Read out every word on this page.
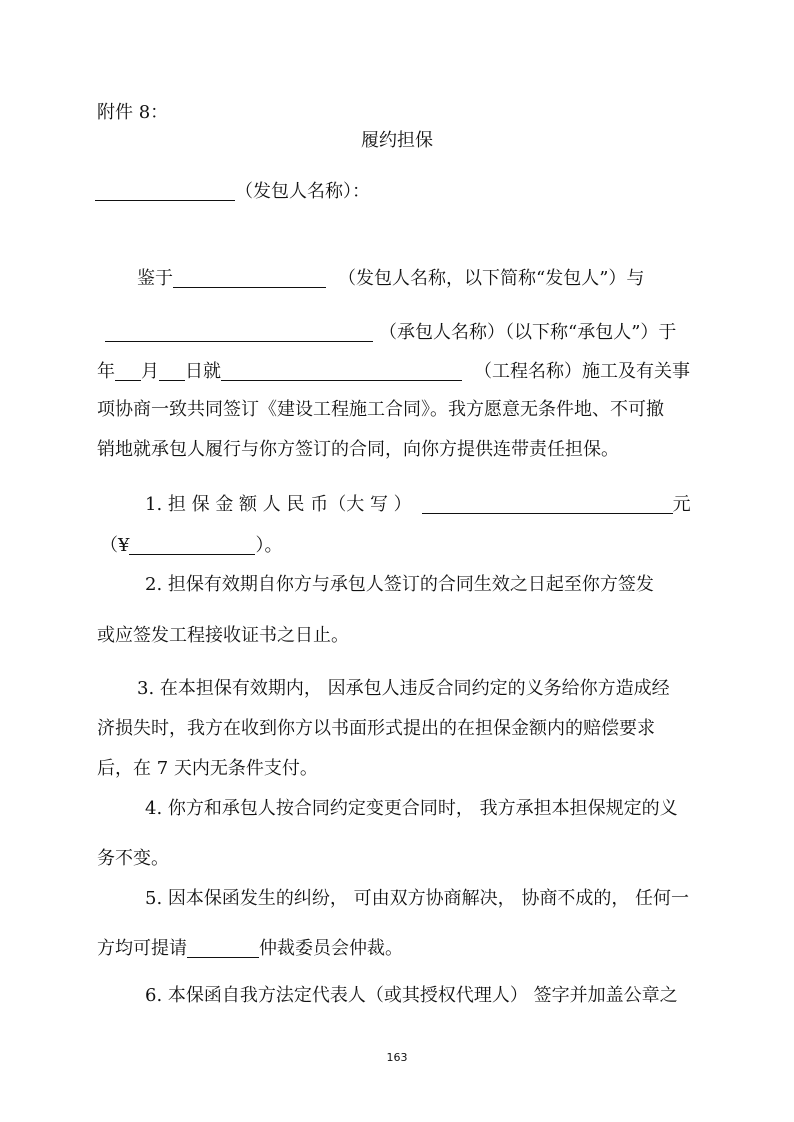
附件 8：
履约担保
（发包人名称）：
鉴于	（发包人名称，以下简称“发包人”）与
（承包人名称）（以下称“承包人”）于
年 月 日就	（工程名称）施工及有关事
项协商一致共同签订《建设工程施工合同》。我方愿意无条件地、不可撤
销地就承包人履行与你方签订的合同，向你方提供连带责任担保。
1. 担 保 金 额 人 民 币（大 写 ）	元
（¥	）。
2. 担保有效期自你方与承包人签订的合同生效之日起至你方签发
或应签发工程接收证书之日止。
3. 在本担保有效期内， 因承包人违反合同约定的义务给你方造成经
济损失时，我方在收到你方以书面形式提出的在担保金额内的赔偿要求
后，在 7 天内无条件支付。
4. 你方和承包人按合同约定变更合同时， 我方承担本担保规定的义
务不变。
5. 因本保函发生的纠纷， 可由双方协商解决， 协商不成的， 任何一
方均可提请	仲裁委员会仲裁。
6. 本保函自我方法定代表人（或其授权代理人） 签字并加盖公章之
163
